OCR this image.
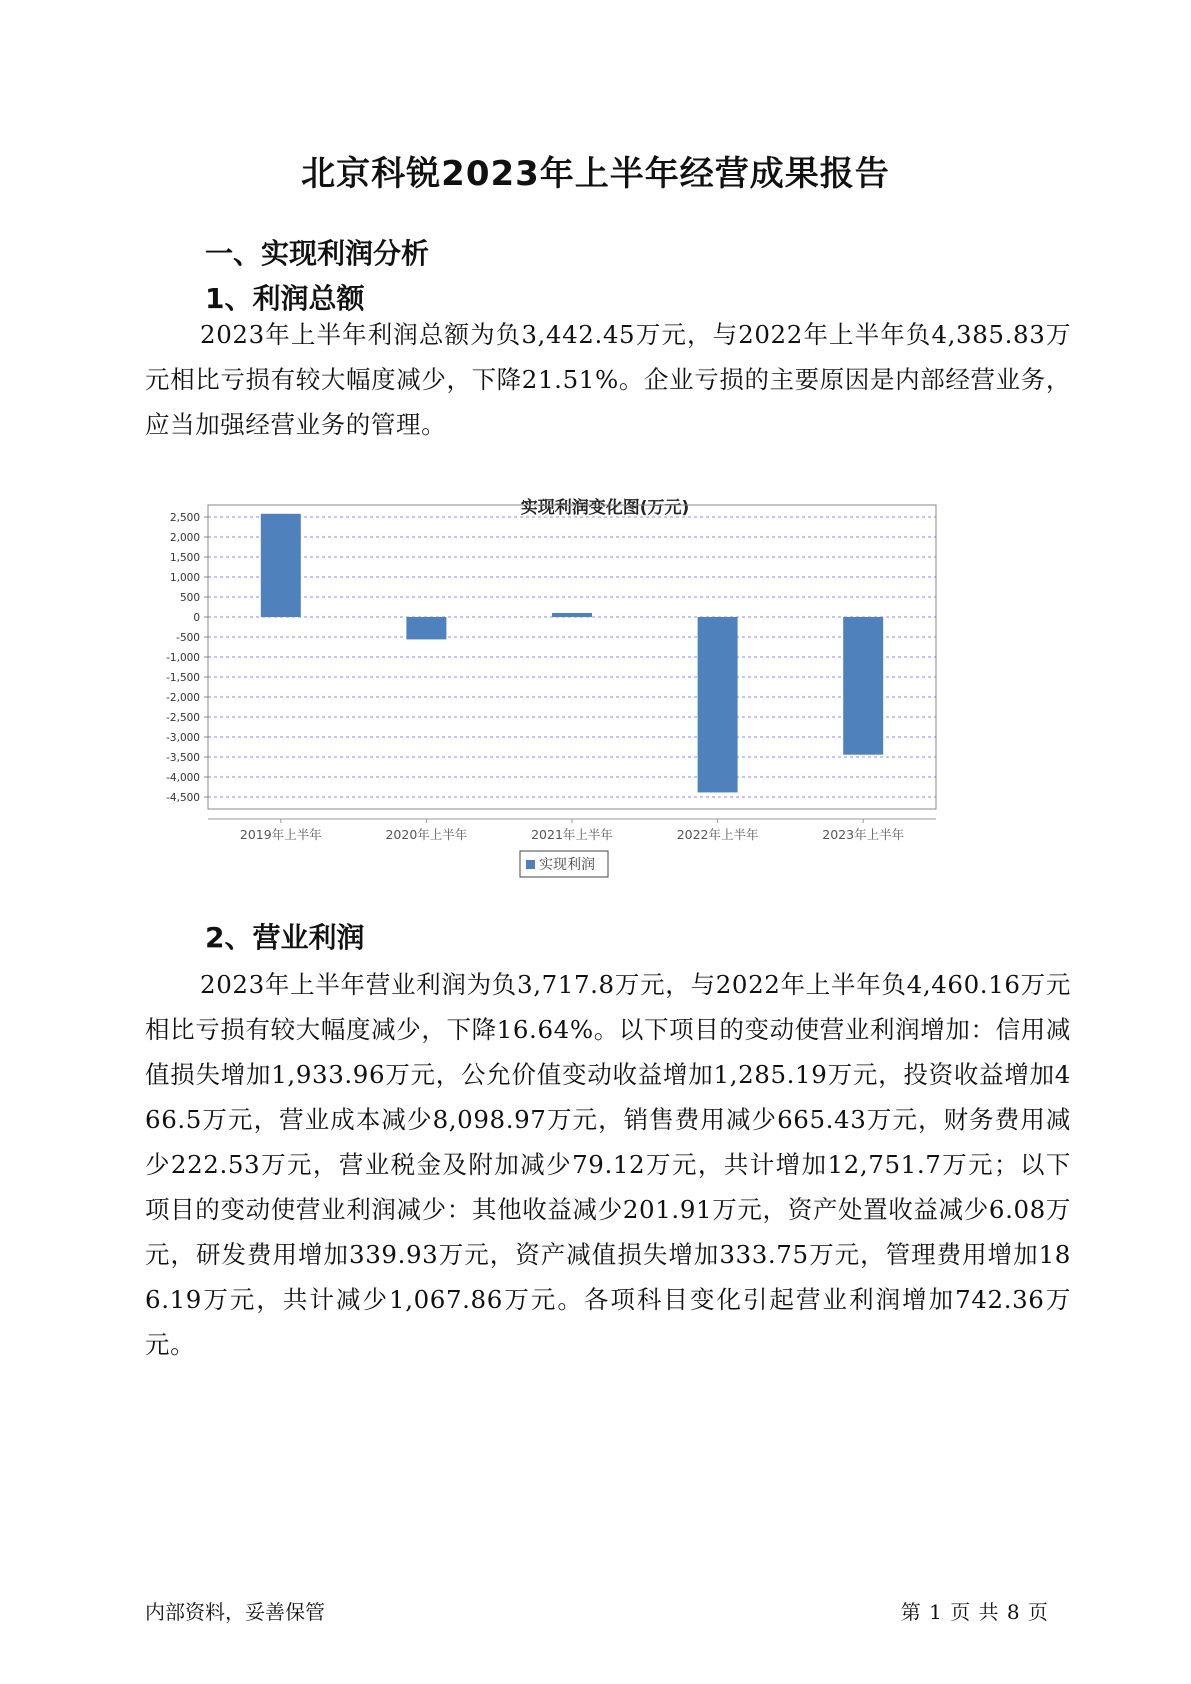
北京科锐2023年上半年经营成果报告
一、实现利润分析
1、利润总额
2023年上半年利润总额为负3,442.45万元，与2022年上半年负4,385.83万元相比亏损有较大幅度减少，下降21.51%。企业亏损的主要原因是内部经营业务，应当加强经营业务的管理。
实现利润变化图(万元)
2,500
2,000
1,500
1,000
500
0
-500
-1,000
-1,500
-2,000
-2,500
-3,000
-3,500
-4,000
-4,500
2019年上半年	2020年上半年	2021年上半年	2022年上半年	2023年上半年
实现利润
2、营业利润
2023年上半年营业利润为负3,717.8万元，与2022年上半年负4,460.16万元相比亏损有较大幅度减少，下降16.64%。以下项目的变动使营业利润增加：信用减值损失增加1,933.96万元，公允价值变动收益增加1,285.19万元，投资收益增加466.5万元，营业成本减少8,098.97万元，销售费用减少665.43万元，财务费用减少222.53万元，营业税金及附加减少79.12万元，共计增加12,751.7万元；以下项目的变动使营业利润减少：其他收益减少201.91万元，资产处置收益减少6.08万元，研发费用增加339.93万元，资产减值损失增加333.75万元，管理费用增加186.19万元，共计减少1,067.86万元。各项科目变化引起营业利润增加742.36万元。
内部资料，妥善保管	第 1 页 共 8 页
